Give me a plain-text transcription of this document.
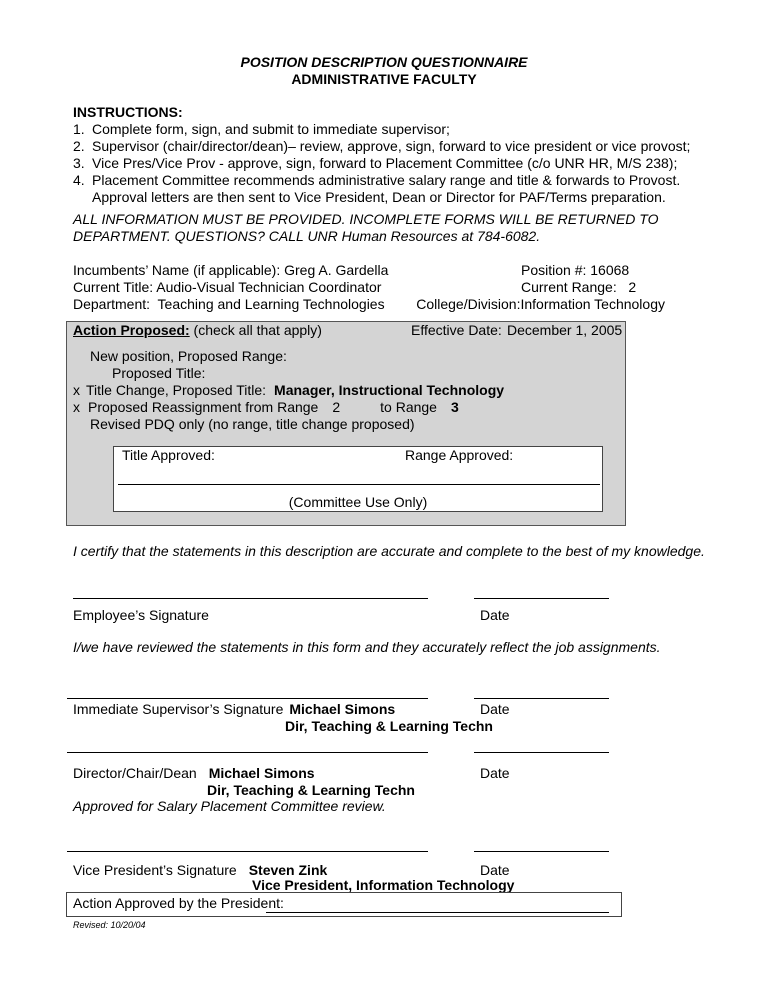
POSITION DESCRIPTION QUESTIONNAIRE
ADMINISTRATIVE FACULTY
INSTRUCTIONS:
1. Complete form, sign, and submit to immediate supervisor;
2. Supervisor (chair/director/dean)– review, approve, sign, forward to vice president or vice provost;
3. Vice Pres/Vice Prov - approve, sign, forward to Placement Committee (c/o UNR HR, M/S 238);
4. Placement Committee recommends administrative salary range and title & forwards to Provost.
Approval letters are then sent to Vice President, Dean or Director for PAF/Terms preparation.
ALL INFORMATION MUST BE PROVIDED. INCOMPLETE FORMS WILL BE RETURNED TO
DEPARTMENT. QUESTIONS? CALL UNR Human Resources at 784-6082.
Incumbents’ Name (if applicable): Greg A. Gardella	Position #: 16068
Current Title: Audio-Visual Technician Coordinator	Current Range:   2
Department:  Teaching and Learning Technologies	College/Division:Information Technology
Action Proposed: (check all that apply)	Effective Date: December 1, 2005
New position, Proposed Range:
Proposed Title:
x Title Change, Proposed Title: Manager, Instructional Technology
x Proposed Reassignment from Range 2	to Range 3
Revised PDQ only (no range, title change proposed)
Title Approved:	Range Approved:
(Committee Use Only)
I certify that the statements in this description are accurate and complete to the best of my knowledge.
Employee’s Signature	Date
I/we have reviewed the statements in this form and they accurately reflect the job assignments.
Immediate Supervisor’s Signature Michael Simons	Date
Dir, Teaching & Learning Techn
Director/Chair/Dean Michael Simons	Date
Dir, Teaching & Learning Techn
Approved for Salary Placement Committee review.
Vice President’s Signature Steven Zink	Date
Vice President, Information Technology
Action Approved by the President:
Revised: 10/20/04
